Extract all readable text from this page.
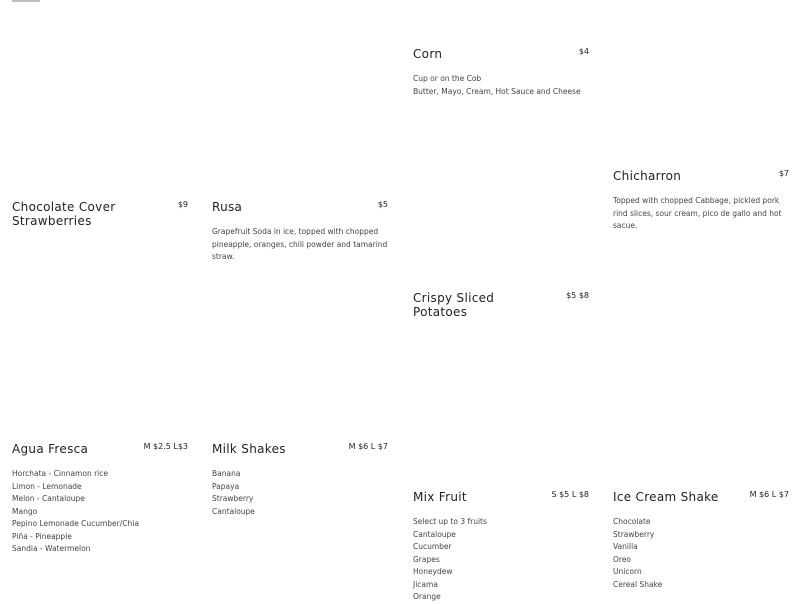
Corn	$4
Cup or on the Cob
Butter, Mayo, Cream, Hot Sauce and Cheese
Chicharron	$7
Topped with chopped Cabbage, pickled pork rind slices, sour cream, pico de gallo and hot sacue.
Chocolate Cover Strawberries
$9 Rusa	$5
Grapefruit Soda in ice, topped with chopped pineapple, oranges, chili powder and tamarind straw.
Crispy Sliced Potatoes
$5 $8
Agua Fresca	M $2.5 L$3
Horchata - Cinnamon rice
Limon - Lemonade
Melon - Cantaloupe
Mango
Pepino Lemonade Cucumber/Chia
Piña - Pineapple
Sandia - Watermelon
Milk Shakes	M $6 L $7
Banana
Papaya
Strawberry
Cantaloupe
Mix Fruit	S $5 L $8
Select up to 3 fruits
Cantaloupe
Cucumber
Grapes
Honeydew
Jicama
Orange
Ice Cream Shake	M $6 L $7
Chocolate
Strawberry
Vanilla
Oreo
Unicorn
Cereal Shake
